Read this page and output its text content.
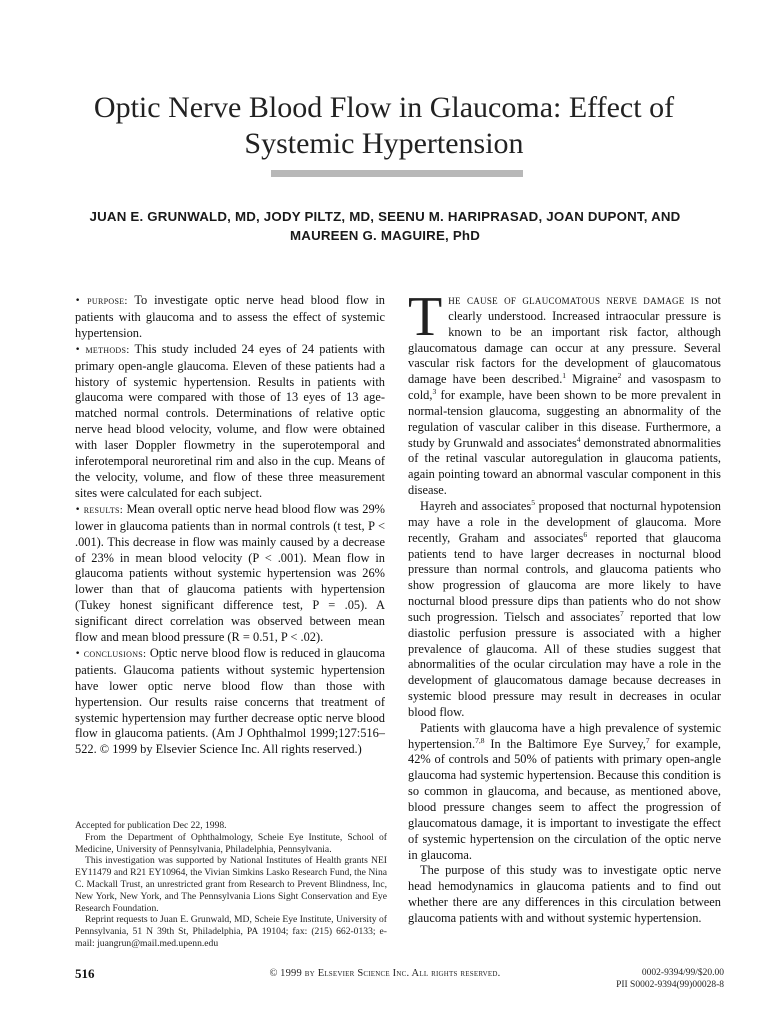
Optic Nerve Blood Flow in Glaucoma: Effect of Systemic Hypertension
JUAN E. GRUNWALD, MD, JODY PILTZ, MD, SEENU M. HARIPRASAD, JOAN DUPONT, AND MAUREEN G. MAGUIRE, PhD

• purpose: To investigate optic nerve head blood flow in patients with glaucoma and to assess the effect of systemic hypertension.

• methods: This study included 24 eyes of 24 patients with primary open-angle glaucoma. Eleven of these patients had a history of systemic hypertension. Results in patients with glaucoma were compared with those of 13 eyes of 13 age-matched normal controls. Determinations of relative optic nerve head blood velocity, volume, and flow were obtained with laser Doppler flowmetry in the superotemporal and inferotemporal neuroretinal rim and also in the cup. Means of the velocity, volume, and flow of these three measurement sites were calculated for each subject.

• results: Mean overall optic nerve head blood flow was 29% lower in glaucoma patients than in normal controls (t test, P < .001). This decrease in flow was mainly caused by a decrease of 23% in mean blood velocity (P < .001). Mean flow in glaucoma patients without systemic hypertension was 26% lower than that of glaucoma patients with hypertension (Tukey honest significant difference test, P = .05). A significant direct correlation was observed between mean flow and mean blood pressure (R = 0.51, P < .02).

• conclusions: Optic nerve blood flow is reduced in glaucoma patients. Glaucoma patients without systemic hypertension have lower optic nerve blood flow than those with hypertension. Our results raise concerns that treatment of systemic hypertension may further decrease optic nerve blood flow in glaucoma patients. (Am J Ophthalmol 1999;127:516–522. © 1999 by Elsevier Science Inc. All rights reserved.)

Accepted for publication Dec 22, 1998.

From the Department of Ophthalmology, Scheie Eye Institute, School of Medicine, University of Pennsylvania, Philadelphia, Pennsylvania.

This investigation was supported by National Institutes of Health grants NEI EY11479 and R21 EY10964, the Vivian Simkins Lasko Research Fund, the Nina C. Mackall Trust, an unrestricted grant from Research to Prevent Blindness, Inc, New York, New York, and The Pennsylvania Lions Sight Conservation and Eye Research Foundation.

Reprint requests to Juan E. Grunwald, MD, Scheie Eye Institute, University of Pennsylvania, 51 N 39th St, Philadelphia, PA 19104; fax: (215) 662-0133; e-mail: juangrun@mail.med.upenn.edu

The cause of glaucomatous nerve damage is not clearly understood. Increased intraocular pressure is known to be an important risk factor, although glaucomatous damage can occur at any pressure. Several vascular risk factors for the development of glaucomatous damage have been described.$^1$ Migraine$^2$ and vasospasm to cold,$^3$ for example, have been shown to be more prevalent in normal-tension glaucoma, suggesting an abnormality of the regulation of vascular caliber in this disease. Furthermore, a study by Grunwald and associates$^4$ demonstrated abnormalities of the retinal vascular autoregulation in glaucoma patients, again pointing toward an abnormal vascular component in this disease.

Hayreh and associates$^5$ proposed that nocturnal hypotension may have a role in the development of glaucoma. More recently, Graham and associates$^6$ reported that glaucoma patients tend to have larger decreases in nocturnal blood pressure than normal controls, and glaucoma patients who show progression of glaucoma are more likely to have nocturnal blood pressure dips than patients who do not show such progression. Tielsch and associates$^7$ reported that low diastolic perfusion pressure is associated with a higher prevalence of glaucoma. All of these studies suggest that abnormalities of the ocular circulation may have a role in the development of glaucomatous damage because decreases in systemic blood pressure may result in decreases in ocular blood flow.

Patients with glaucoma have a high prevalence of systemic hypertension.$^{7,8}$ In the Baltimore Eye Survey,$^7$ for example, 42% of controls and 50% of patients with primary open-angle glaucoma had systemic hypertension. Because this condition is so common in glaucoma, and because, as mentioned above, blood pressure changes seem to affect the progression of glaucomatous damage, it is important to investigate the effect of systemic hypertension on the circulation of the optic nerve in glaucoma.

The purpose of this study was to investigate optic nerve head hemodynamics in glaucoma patients and to find out whether there are any differences in this circulation between glaucoma patients with and without systemic hypertension.

516	© 1999 by Elsevier Science Inc. All rights reserved.	0002-9394/99/$20.00
PII S0002-9394(99)00028-8
